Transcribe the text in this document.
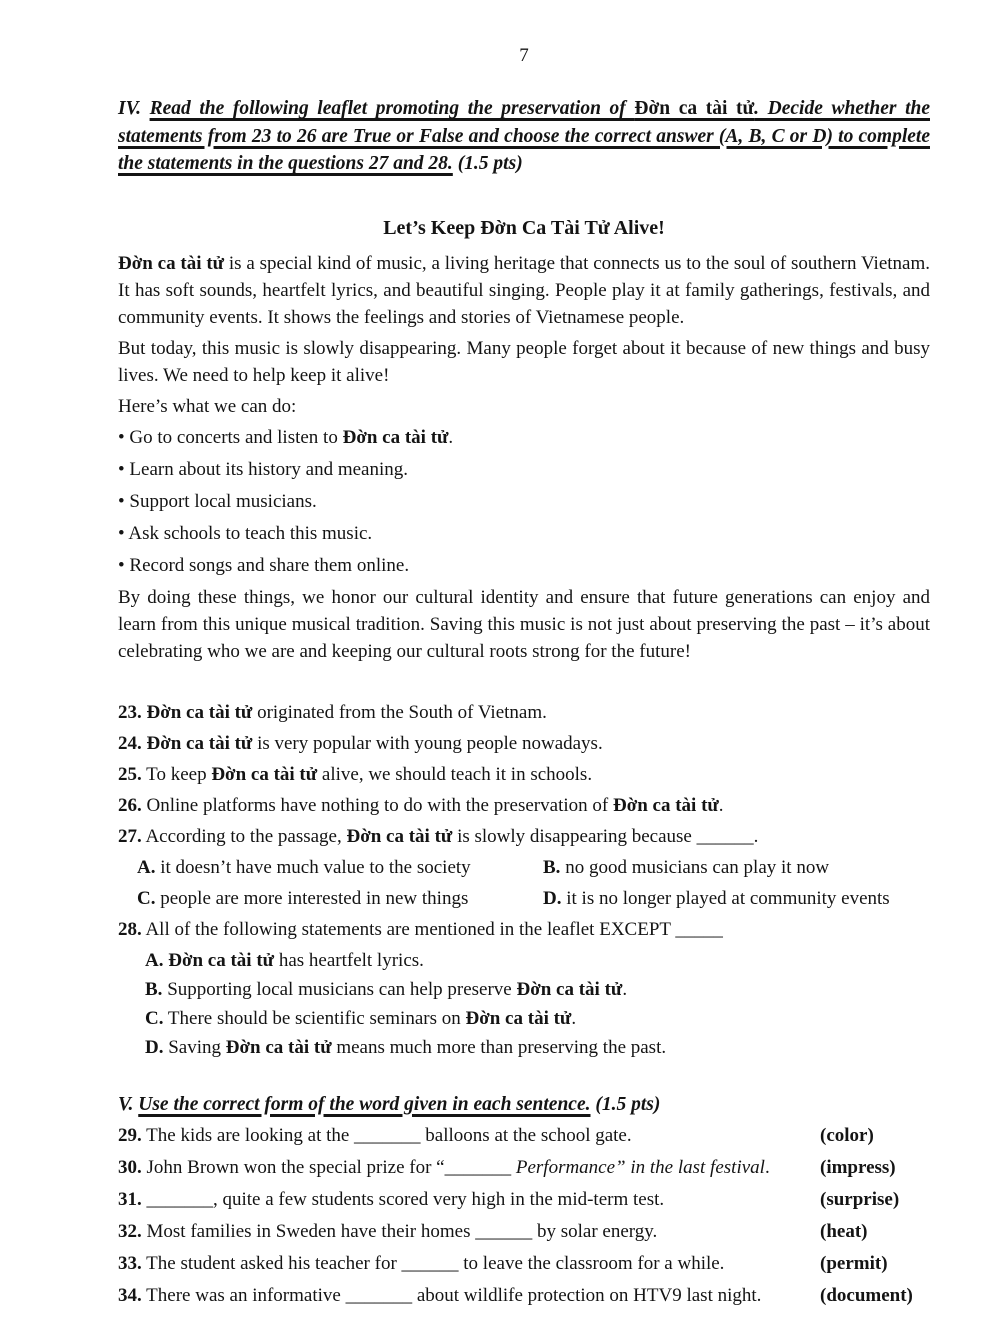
7

IV. Read the following leaflet promoting the preservation of Đờn ca tài tử. Decide whether the statements from 23 to 26 are True or False and choose the correct answer (A, B, C or D) to complete the statements in the questions 27 and 28. (1.5 pts)

Let’s Keep Đờn Ca Tài Tử Alive!

Đờn ca tài tử is a special kind of music, a living heritage that connects us to the soul of southern Vietnam. It has soft sounds, heartfelt lyrics, and beautiful singing. People play it at family gatherings, festivals, and community events. It shows the feelings and stories of Vietnamese people.

But today, this music is slowly disappearing. Many people forget about it because of new things and busy lives. We need to help keep it alive!

Here’s what we can do:

• Go to concerts and listen to Đờn ca tài tử.

• Learn about its history and meaning.

• Support local musicians.

• Ask schools to teach this music.

• Record songs and share them online.

By doing these things, we honor our cultural identity and ensure that future generations can enjoy and learn from this unique musical tradition. Saving this music is not just about preserving the past – it’s about celebrating who we are and keeping our cultural roots strong for the future!

23. Đờn ca tài tử originated from the South of Vietnam.

24. Đờn ca tài tử is very popular with young people nowadays.

25. To keep Đờn ca tài tử alive, we should teach it in schools.

26. Online platforms have nothing to do with the preservation of Đờn ca tài tử.

27. According to the passage, Đờn ca tài tử is slowly disappearing because ______.

A. it doesn’t have much value to the society	B. no good musicians can play it now

C. people are more interested in new things	D. it is no longer played at community events

28. All of the following statements are mentioned in the leaflet EXCEPT _____

A. Đờn ca tài tử has heartfelt lyrics.

B. Supporting local musicians can help preserve Đờn ca tài tử.

C. There should be scientific seminars on Đờn ca tài tử.

D. Saving Đờn ca tài tử means much more than preserving the past.

V. Use the correct form of the word given in each sentence. (1.5 pts)

29. The kids are looking at the _______ balloons at the school gate.	(color)
30. John Brown won the special prize for “_______ Performance” in the last festival.	(impress)
31. _______, quite a few students scored very high in the mid-term test.	(surprise)
32. Most families in Sweden have their homes ______ by solar energy.	(heat)
33. The student asked his teacher for ______ to leave the classroom for a while.	(permit)
34. There was an informative _______ about wildlife protection on HTV9 last night.	(document)
